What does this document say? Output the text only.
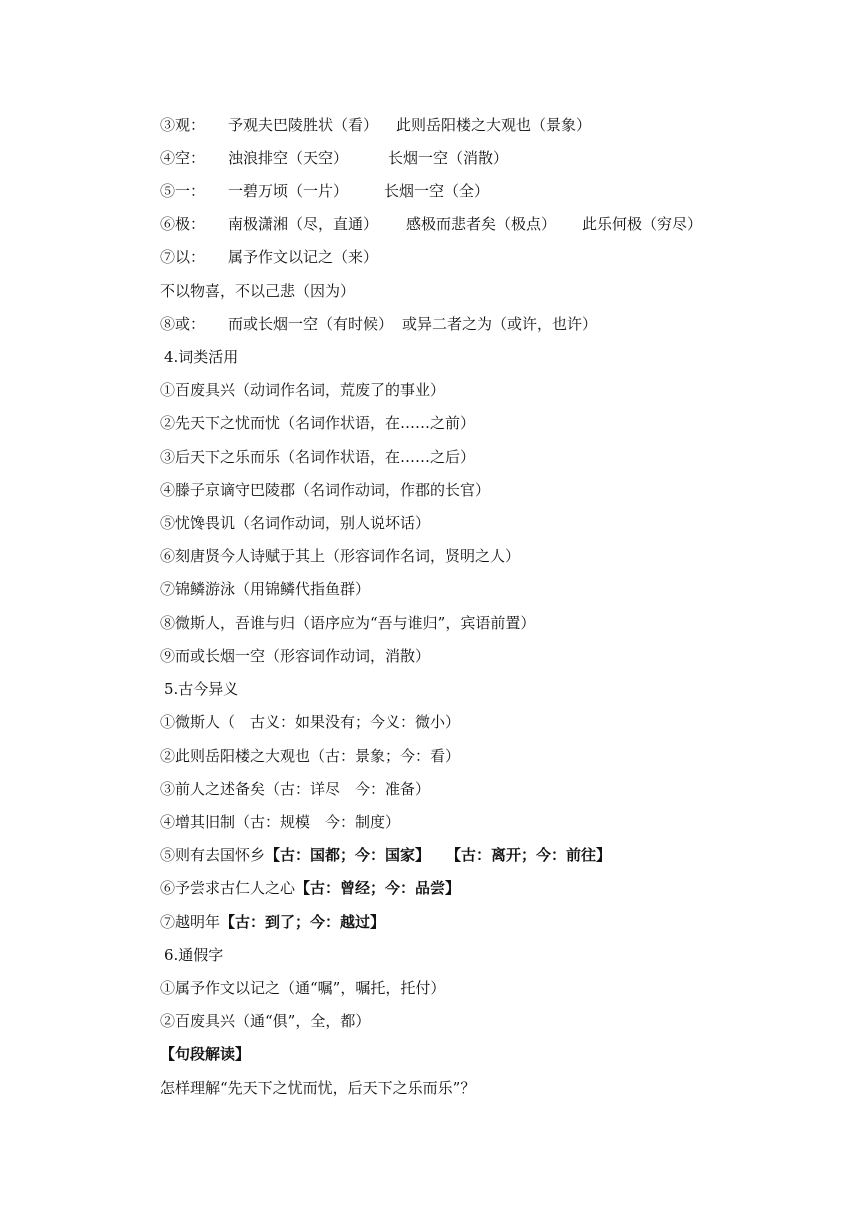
③观： 予观夫巴陵胜状（看） 此则岳阳楼之大观也（景象）
④空： 浊浪排空（天空）	长烟一空（消散）
⑤一： 一碧万顷（一片） 长烟一空（全）
⑥极： 南极潇湘（尽，直通） 感极而悲者矣（极点） 此乐何极（穷尽）
⑦以： 属予作文以记之（来）
不以物喜，不以己悲（因为）
⑧或： 而或长烟一空（有时候） 或异二者之为（或许，也许）
4.词类活用
①百废具兴（动词作名词，荒废了的事业）
②先天下之忧而忧（名词作状语，在……之前）
③后天下之乐而乐（名词作状语，在……之后）
④滕子京谪守巴陵郡（名词作动词，作郡的长官）
⑤忧馋畏讥（名词作动词，别人说坏话）
⑥刻唐贤今人诗赋于其上（形容词作名词，贤明之人）
⑦锦鳞游泳（用锦鳞代指鱼群）
⑧微斯人，吾谁与归（语序应为“吾与谁归”，宾语前置）
⑨而或长烟一空（形容词作动词，消散）
5.古今异义
①微斯人（　古义：如果没有；今义：微小）
②此则岳阳楼之大观也（古：景象；今：看）
③前人之述备矣（古：详尽　今：准备）
④增其旧制（古：规模　今：制度）
⑤则有去国怀乡【古：国都；今：国家】 【古：离开；今：前往】
⑥予尝求古仁人之心【古：曾经；今：品尝】
⑦越明年【古：到了；今：越过】
6.通假字
①属予作文以记之（通“嘱”，嘱托，托付）
②百废具兴（通“俱”，全，都）
【句段解读】
怎样理解“先天下之忧而忧，后天下之乐而乐”？
